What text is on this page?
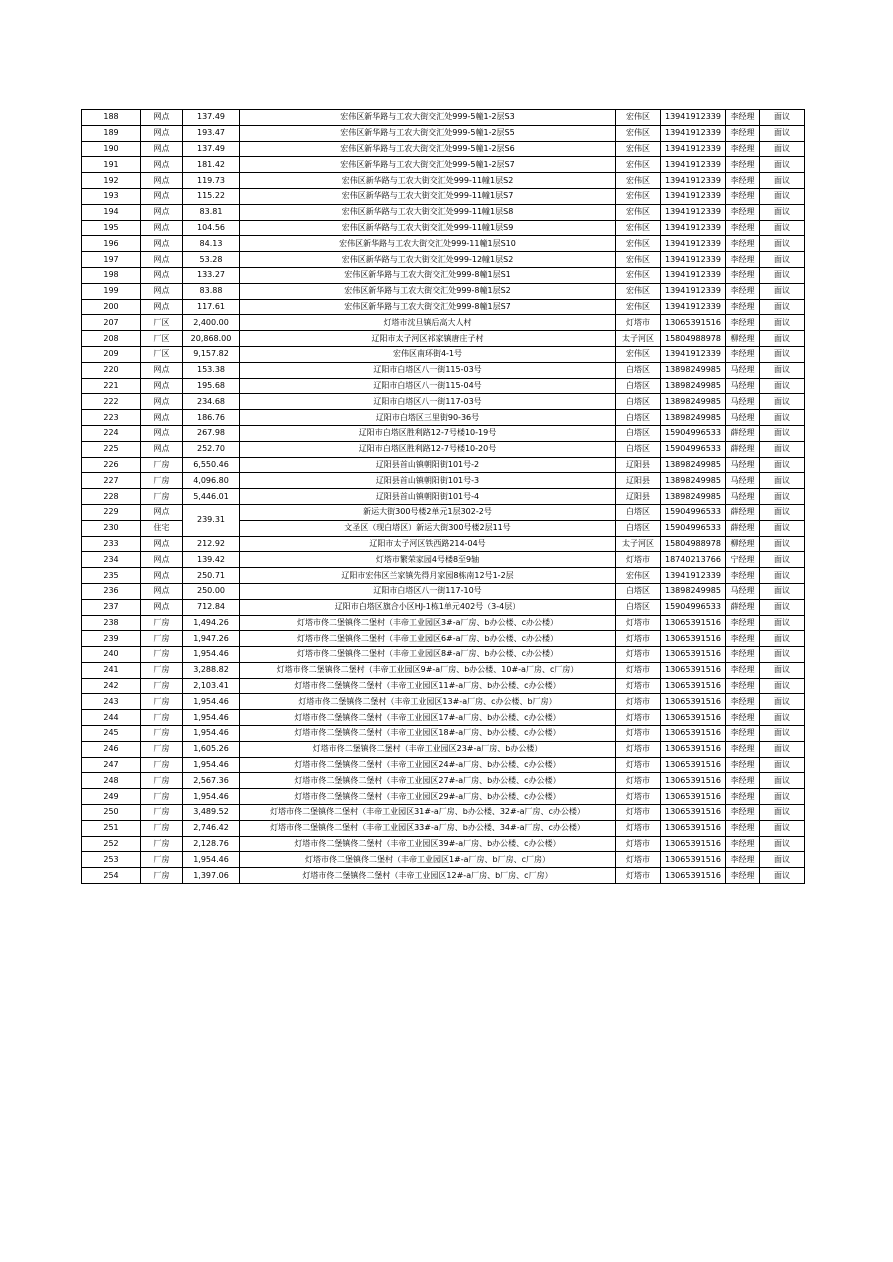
188	网点	137.49	宏伟区新华路与工农大街交汇处999-5幢1-2层S3	宏伟区	13941912339	李经理	面议
189	网点	193.47	宏伟区新华路与工农大街交汇处999-5幢1-2层S5	宏伟区	13941912339	李经理	面议
190	网点	137.49	宏伟区新华路与工农大街交汇处999-5幢1-2层S6	宏伟区	13941912339	李经理	面议
191	网点	181.42	宏伟区新华路与工农大街交汇处999-5幢1-2层S7	宏伟区	13941912339	李经理	面议
192	网点	119.73	宏伟区新华路与工农大街交汇处999-11幢1层S2	宏伟区	13941912339	李经理	面议
193	网点	115.22	宏伟区新华路与工农大街交汇处999-11幢1层S7	宏伟区	13941912339	李经理	面议
194	网点	83.81	宏伟区新华路与工农大街交汇处999-11幢1层S8	宏伟区	13941912339	李经理	面议
195	网点	104.56	宏伟区新华路与工农大街交汇处999-11幢1层S9	宏伟区	13941912339	李经理	面议
196	网点	84.13	宏伟区新华路与工农大街交汇处999-11幢1层S10	宏伟区	13941912339	李经理	面议
197	网点	53.28	宏伟区新华路与工农大街交汇处999-12幢1层S2	宏伟区	13941912339	李经理	面议
198	网点	133.27	宏伟区新华路与工农大街交汇处999-8幢1层S1	宏伟区	13941912339	李经理	面议
199	网点	83.88	宏伟区新华路与工农大街交汇处999-8幢1层S2	宏伟区	13941912339	李经理	面议
200	网点	117.61	宏伟区新华路与工农大街交汇处999-8幢1层S7	宏伟区	13941912339	李经理	面议
207	厂区	2,400.00	灯塔市沈旦镇后高大人村	灯塔市	13065391516	李经理	面议
208	厂区	20,868.00	辽阳市太子河区祁家镇唐庄子村	太子河区	15804988978	柳经理	面议
209	厂区	9,157.82	宏伟区南环街4-1号	宏伟区	13941912339	李经理	面议
220	网点	153.38	辽阳市白塔区八一街115-03号	白塔区	13898249985	马经理	面议
221	网点	195.68	辽阳市白塔区八一街115-04号	白塔区	13898249985	马经理	面议
222	网点	234.68	辽阳市白塔区八一街117-03号	白塔区	13898249985	马经理	面议
223	网点	186.76	辽阳市白塔区三里街90-36号	白塔区	13898249985	马经理	面议
224	网点	267.98	辽阳市白塔区胜利路12-7号楼10-19号	白塔区	15904996533	薛经理	面议
225	网点	252.70	辽阳市白塔区胜利路12-7号楼10-20号	白塔区	15904996533	薛经理	面议
226	厂房	6,550.46	辽阳县首山镇朝阳街101号-2	辽阳县	13898249985	马经理	面议
227	厂房	4,096.80	辽阳县首山镇朝阳街101号-3	辽阳县	13898249985	马经理	面议
228	厂房	5,446.01	辽阳县首山镇朝阳街101号-4	辽阳县	13898249985	马经理	面议
229	网点	239.31	新运大街300号楼2单元1层302-2号	白塔区	15904996533	薛经理	面议
230	住宅		文圣区（现白塔区）新运大街300号楼2层11号	白塔区	15904996533	薛经理	面议
233	网点	212.92	辽阳市太子河区铁西路214-04号	太子河区	15804988978	柳经理	面议
234	网点	139.42	灯塔市繁荣家园4号楼8至9轴	灯塔市	18740213766	宁经理	面议
235	网点	250.71	辽阳市宏伟区兰家镇先得月家园8栋南12号1-2层	宏伟区	13941912339	李经理	面议
236	网点	250.00	辽阳市白塔区八一街117-10号	白塔区	13898249985	马经理	面议
237	网点	712.84	辽阳市白塔区旗合小区HJ-1栋1单元402号（3-4层）	白塔区	15904996533	薛经理	面议
238	厂房	1,494.26	灯塔市佟二堡镇佟二堡村（丰帝工业园区3#-a厂房、b办公楼、c办公楼）	灯塔市	13065391516	李经理	面议
239	厂房	1,947.26	灯塔市佟二堡镇佟二堡村（丰帝工业园区6#-a厂房、b办公楼、c办公楼）	灯塔市	13065391516	李经理	面议
240	厂房	1,954.46	灯塔市佟二堡镇佟二堡村（丰帝工业园区8#-a厂房、b办公楼、c办公楼）	灯塔市	13065391516	李经理	面议
241	厂房	3,288.82	灯塔市佟二堡镇佟二堡村（丰帝工业园区9#-a厂房、b办公楼、10#-a厂房、c厂房）	灯塔市	13065391516	李经理	面议
242	厂房	2,103.41	灯塔市佟二堡镇佟二堡村（丰帝工业园区11#-a厂房、b办公楼、c办公楼）	灯塔市	13065391516	李经理	面议
243	厂房	1,954.46	灯塔市佟二堡镇佟二堡村（丰帝工业园区13#-a厂房、c办公楼、b厂房）	灯塔市	13065391516	李经理	面议
244	厂房	1,954.46	灯塔市佟二堡镇佟二堡村（丰帝工业园区17#-a厂房、b办公楼、c办公楼）	灯塔市	13065391516	李经理	面议
245	厂房	1,954.46	灯塔市佟二堡镇佟二堡村（丰帝工业园区18#-a厂房、b办公楼、c办公楼）	灯塔市	13065391516	李经理	面议
246	厂房	1,605.26	灯塔市佟二堡镇佟二堡村（丰帝工业园区23#-a厂房、b办公楼）	灯塔市	13065391516	李经理	面议
247	厂房	1,954.46	灯塔市佟二堡镇佟二堡村（丰帝工业园区24#-a厂房、b办公楼、c办公楼）	灯塔市	13065391516	李经理	面议
248	厂房	2,567.36	灯塔市佟二堡镇佟二堡村（丰帝工业园区27#-a厂房、b办公楼、c办公楼）	灯塔市	13065391516	李经理	面议
249	厂房	1,954.46	灯塔市佟二堡镇佟二堡村（丰帝工业园区29#-a厂房、b办公楼、c办公楼）	灯塔市	13065391516	李经理	面议
250	厂房	3,489.52	灯塔市佟二堡镇佟二堡村（丰帝工业园区31#-a厂房、b办公楼、32#-a厂房、c办公楼）	灯塔市	13065391516	李经理	面议
251	厂房	2,746.42	灯塔市佟二堡镇佟二堡村（丰帝工业园区33#-a厂房、b办公楼、34#-a厂房、c办公楼）	灯塔市	13065391516	李经理	面议
252	厂房	2,128.76	灯塔市佟二堡镇佟二堡村（丰帝工业园区39#-a厂房、b办公楼、c办公楼）	灯塔市	13065391516	李经理	面议
253	厂房	1,954.46	灯塔市佟二堡镇佟二堡村（丰帝工业园区1#-a厂房、b厂房、c厂房）	灯塔市	13065391516	李经理	面议
254	厂房	1,397.06	灯塔市佟二堡镇佟二堡村（丰帝工业园区12#-a厂房、b厂房、c厂房）	灯塔市	13065391516	李经理	面议
